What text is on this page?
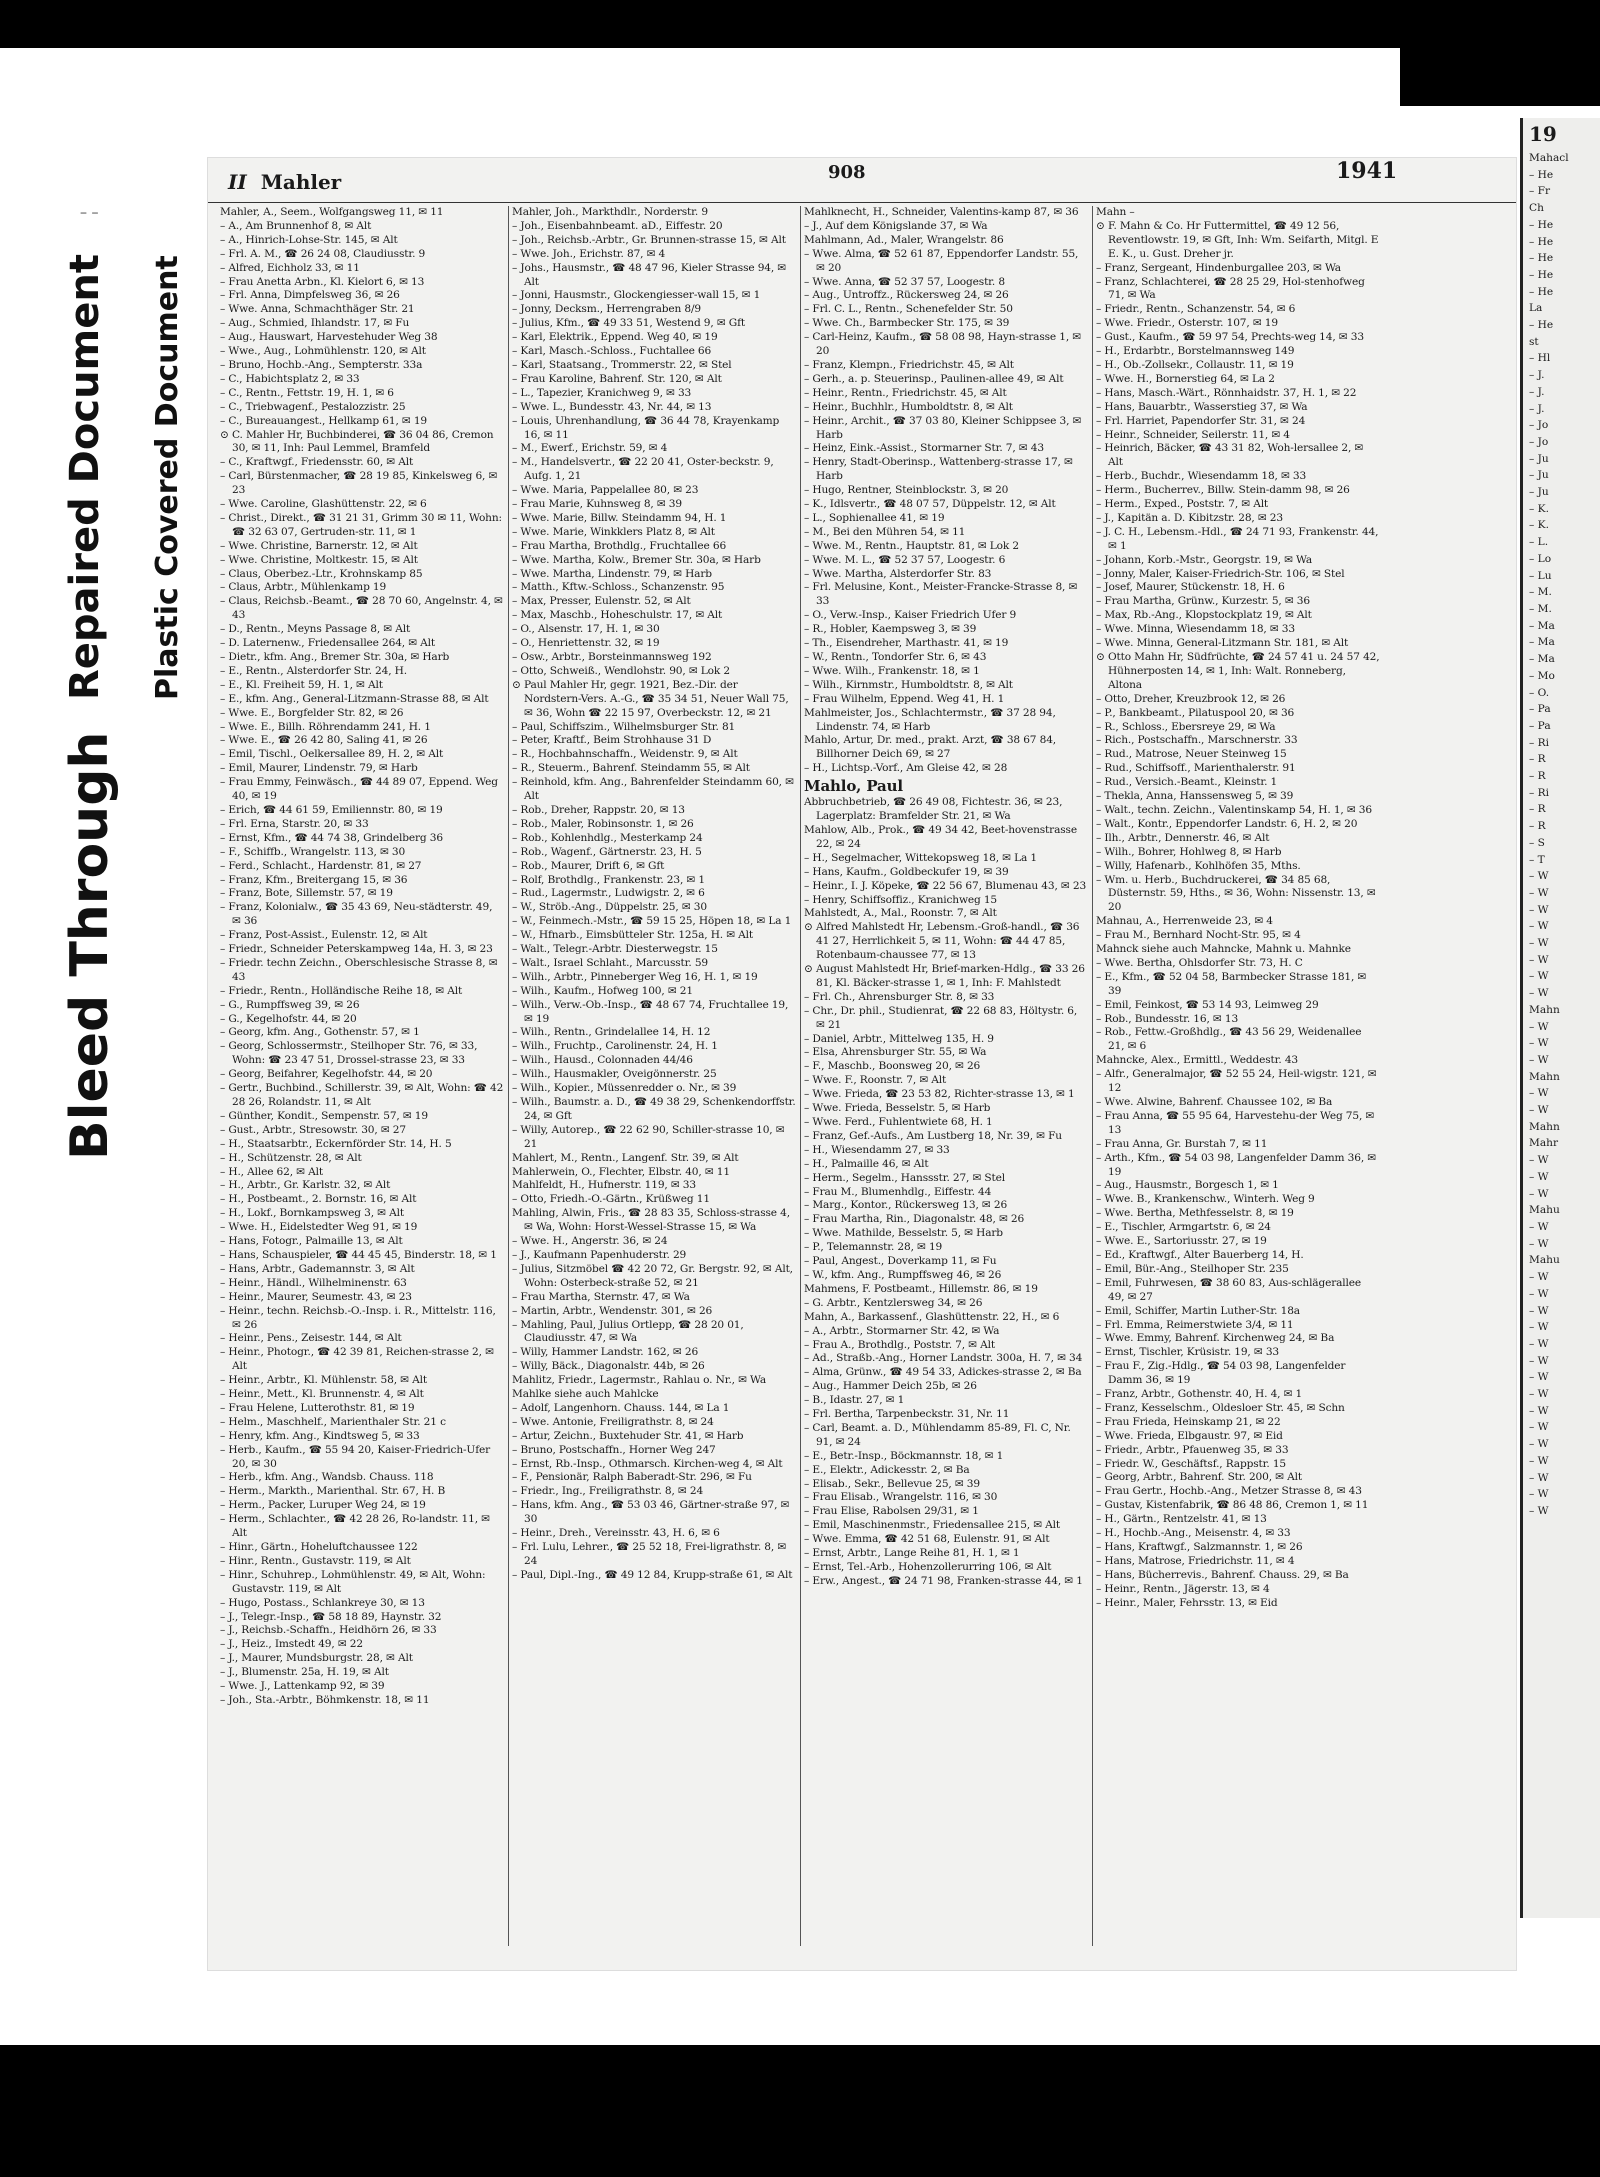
– –
Repaired Document Plastic Covered Document
Bleed Through
II Mahler	908	1941

Mahler, A., Seem., Wolfgangsweg 11, ✉ 11

– A., Am Brunnenhof 8, ✉ Alt

– A., Hinrich-Lohse-Str. 145, ✉ Alt

– Frl. A. M., ☎ 26 24 08, Claudiusstr. 9

– Alfred, Eichholz 33, ✉ 11

– Frau Anetta Arbn., Kl. Kielort 6, ✉ 13

– Frl. Anna, Dimpfelsweg 36, ✉ 26

– Wwe. Anna, Schmachthäger Str. 21

– Aug., Schmied, Ihlandstr. 17, ✉ Fu

– Aug., Hauswart, Harvestehuder Weg 38

– Wwe., Aug., Lohmühlenstr. 120, ✉ Alt

– Bruno, Hochb.-Ang., Sempterstr. 33a

– C., Habichtsplatz 2, ✉ 33

– C., Rentn., Fettstr. 19, H. 1, ✉ 6

– C., Triebwagenf., Pestalozzistr. 25

– C., Bureauangest., Hellkamp 61, ✉ 19

⊙ C. Mahler Hr, Buchbinderei, ☎ 36 04 86, Cremon 30, ✉ 11, Inh: Paul Lemmel, Bramfeld

– C., Kraftwgf., Friedensstr. 60, ✉ Alt

– Carl, Bürstenmacher, ☎ 28 19 85, Kinkelsweg 6, ✉ 23

– Wwe. Caroline, Glashüttenstr. 22, ✉ 6

– Christ., Direkt., ☎ 31 21 31, Grimm 30 ✉ 11, Wohn: ☎ 32 63 07, Gertruden-str. 11, ✉ 1

– Wwe. Christine, Barnerstr. 12, ✉ Alt

– Wwe. Christine, Moltkestr. 15, ✉ Alt

– Claus, Oberbez.-Ltr., Krohnskamp 85

– Claus, Arbtr., Mühlenkamp 19

– Claus, Reichsb.-Beamt., ☎ 28 70 60, Angelnstr. 4, ✉ 43

– D., Rentn., Meyns Passage 8, ✉ Alt

– D. Laternenw., Friedensallee 264, ✉ Alt

– Dietr., kfm. Ang., Bremer Str. 30a, ✉ Harb

– E., Rentn., Alsterdorfer Str. 24, H.

– E., Kl. Freiheit 59, H. 1, ✉ Alt

– E., kfm. Ang., General-Litzmann-Strasse 88, ✉ Alt

– Wwe. E., Borgfelder Str. 82, ✉ 26

– Wwe. E., Billh. Röhrendamm 241, H. 1

– Wwe. E., ☎ 26 42 80, Saling 41, ✉ 26

– Emil, Tischl., Oelkersallee 89, H. 2, ✉ Alt

– Emil, Maurer, Lindenstr. 79, ✉ Harb

– Frau Emmy, Feinwäsch., ☎ 44 89 07, Eppend. Weg 40, ✉ 19

– Erich, ☎ 44 61 59, Emiliennstr. 80, ✉ 19

– Frl. Erna, Starstr. 20, ✉ 33

– Ernst, Kfm., ☎ 44 74 38, Grindelberg 36

– F., Schiffb., Wrangelstr. 113, ✉ 30

– Ferd., Schlacht., Hardenstr. 81, ✉ 27

– Franz, Kfm., Breitergang 15, ✉ 36

– Franz, Bote, Sillemstr. 57, ✉ 19

– Franz, Kolonialw., ☎ 35 43 69, Neu-städterstr. 49, ✉ 36

– Franz, Post-Assist., Eulenstr. 12, ✉ Alt

– Friedr., Schneider Peterskampweg 14a, H. 3, ✉ 23

– Friedr. techn Zeichn., Oberschlesische Strasse 8, ✉ 43

– Friedr., Rentn., Holländische Reihe 18, ✉ Alt

– G., Rumpffsweg 39, ✉ 26

– G., Kegelhofstr. 44, ✉ 20

– Georg, kfm. Ang., Gothenstr. 57, ✉ 1

– Georg, Schlossermstr., Steilhoper Str. 76, ✉ 33, Wohn: ☎ 23 47 51, Drossel-strasse 23, ✉ 33

– Georg, Beifahrer, Kegelhofstr. 44, ✉ 20

– Gertr., Buchbind., Schillerstr. 39, ✉ Alt, Wohn: ☎ 42 28 26, Rolandstr. 11, ✉ Alt

– Günther, Kondit., Sempenstr. 57, ✉ 19

– Gust., Arbtr., Stresowstr. 30, ✉ 27

– H., Staatsarbtr., Eckernförder Str. 14, H. 5

– H., Schützenstr. 28, ✉ Alt

– H., Allee 62, ✉ Alt

– H., Arbtr., Gr. Karlstr. 32, ✉ Alt

– H., Postbeamt., 2. Bornstr. 16, ✉ Alt

– H., Lokf., Bornkampsweg 3, ✉ Alt

– Wwe. H., Eidelstedter Weg 91, ✉ 19

– Hans, Fotogr., Palmaille 13, ✉ Alt

– Hans, Schauspieler, ☎ 44 45 45, Binderstr. 18, ✉ 1

– Hans, Arbtr., Gademannstr. 3, ✉ Alt

– Heinr., Händl., Wilhelminenstr. 63

– Heinr., Maurer, Seumestr. 43, ✉ 23

– Heinr., techn. Reichsb.-O.-Insp. i. R., Mittelstr. 116, ✉ 26

– Heinr., Pens., Zeisestr. 144, ✉ Alt

– Heinr., Photogr., ☎ 42 39 81, Reichen-strasse 2, ✉ Alt

– Heinr., Arbtr., Kl. Mühlenstr. 58, ✉ Alt

– Heinr., Mett., Kl. Brunnenstr. 4, ✉ Alt

– Frau Helene, Lutterothstr. 81, ✉ 19

– Helm., Maschhelf., Marienthaler Str. 21 c

– Henry, kfm. Ang., Kindtsweg 5, ✉ 33

– Herb., Kaufm., ☎ 55 94 20, Kaiser-Friedrich-Ufer 20, ✉ 30

– Herb., kfm. Ang., Wandsb. Chauss. 118

– Herm., Markth., Marienthal. Str. 67, H. B

– Herm., Packer, Luruper Weg 24, ✉ 19

– Herm., Schlachter., ☎ 42 28 26, Ro-landstr. 11, ✉ Alt

– Hinr., Gärtn., Hoheluftchaussee 122

– Hinr., Rentn., Gustavstr. 119, ✉ Alt

– Hinr., Schuhrep., Lohmühlenstr. 49, ✉ Alt, Wohn: Gustavstr. 119, ✉ Alt

– Hugo, Postass., Schlankreye 30, ✉ 13

– J., Telegr.-Insp., ☎ 58 18 89, Haynstr. 32

– J., Reichsb.-Schaffn., Heidhörn 26, ✉ 33

– J., Heiz., Imstedt 49, ✉ 22

– J., Maurer, Mundsburgstr. 28, ✉ Alt

– J., Blumenstr. 25a, H. 19, ✉ Alt

– Wwe. J., Lattenkamp 92, ✉ 39

– Joh., Sta.-Arbtr., Böhmkenstr. 18, ✉ 11

Mahler, Joh., Markthdlr., Norderstr. 9

– Joh., Eisenbahnbeamt. aD., Eiffestr. 20

– Joh., Reichsb.-Arbtr., Gr. Brunnen-strasse 15, ✉ Alt

– Wwe. Joh., Erichstr. 87, ✉ 4

– Johs., Hausmstr., ☎ 48 47 96, Kieler Strasse 94, ✉ Alt

– Jonni, Hausmstr., Glockengiesser-wall 15, ✉ 1

– Jonny, Decksm., Herrengraben 8/9

– Julius, Kfm., ☎ 49 33 51, Westend 9, ✉ Gft

– Karl, Elektrik., Eppend. Weg 40, ✉ 19

– Karl, Masch.-Schloss., Fuchtallee 66

– Karl, Staatsang., Trommerstr. 22, ✉ Stel

– Frau Karoline, Bahrenf. Str. 120, ✉ Alt

– L., Tapezier, Kranichweg 9, ✉ 33

– Wwe. L., Bundesstr. 43, Nr. 44, ✉ 13

– Louis, Uhrenhandlung, ☎ 36 44 78, Krayenkamp 16, ✉ 11

– M., Ewerf., Erichstr. 59, ✉ 4

– M., Handelsvertr., ☎ 22 20 41, Oster-beckstr. 9, Aufg. 1, 21

– Wwe. Maria, Pappelallee 80, ✉ 23

– Frau Marie, Kuhnsweg 8, ✉ 39

– Wwe. Marie, Billw. Steindamm 94, H. 1

– Wwe. Marie, Winkklers Platz 8, ✉ Alt

– Frau Martha, Brothdlg., Fruchtallee 66

– Wwe. Martha, Kolw., Bremer Str. 30a, ✉ Harb

– Wwe. Martha, Lindenstr. 79, ✉ Harb

– Matth., Kftw.-Schloss., Schanzenstr. 95

– Max, Presser, Eulenstr. 52, ✉ Alt

– Max, Maschb., Hoheschulstr. 17, ✉ Alt

– O., Alsenstr. 17, H. 1, ✉ 30

– O., Henriettenstr. 32, ✉ 19

– Osw., Arbtr., Borsteinmannsweg 192

– Otto, Schweiß., Wendlohstr. 90, ✉ Lok 2

⊙ Paul Mahler Hr, gegr. 1921, Bez.-Dir. der Nordstern-Vers. A.-G., ☎ 35 34 51, Neuer Wall 75, ✉ 36, Wohn ☎ 22 15 97, Overbeckstr. 12, ✉ 21

– Paul, Schiffszim., Wilhelmsburger Str. 81

– Peter, Kraftf., Beim Strohhause 31 D

– R., Hochbahnschaffn., Weidenstr. 9, ✉ Alt

– R., Steuerm., Bahrenf. Steindamm 55, ✉ Alt

– Reinhold, kfm. Ang., Bahrenfelder Steindamm 60, ✉ Alt

– Rob., Dreher, Rappstr. 20, ✉ 13

– Rob., Maler, Robinsonstr. 1, ✉ 26

– Rob., Kohlenhdlg., Mesterkamp 24

– Rob., Wagenf., Gärtnerstr. 23, H. 5

– Rob., Maurer, Drift 6, ✉ Gft

– Rolf, Brothdlg., Frankenstr. 23, ✉ 1

– Rud., Lagermstr., Ludwigstr. 2, ✉ 6

– W., Ströb.-Ang., Düppelstr. 25, ✉ 30

– W., Feinmech.-Mstr., ☎ 59 15 25, Höpen 18, ✉ La 1

– W., Hfnarb., Eimsbütteler Str. 125a, H. ✉ Alt

– Walt., Telegr.-Arbtr. Diesterwegstr. 15

– Walt., Israel Schlaht., Marcusstr. 59

– Wilh., Arbtr., Pinneberger Weg 16, H. 1, ✉ 19

– Wilh., Kaufm., Hofweg 100, ✉ 21

– Wilh., Verw.-Ob.-Insp., ☎ 48 67 74, Fruchtallee 19, ✉ 19

– Wilh., Rentn., Grindelallee 14, H. 12

– Wilh., Fruchtp., Carolinenstr. 24, H. 1

– Wilh., Hausd., Colonnaden 44/46

– Wilh., Hausmakler, Oveigönnerstr. 25

– Wilh., Kopier., Müssenredder o. Nr., ✉ 39

– Wilh., Baumstr. a. D., ☎ 49 38 29, Schenkendorffstr. 24, ✉ Gft

– Willy, Autorep., ☎ 22 62 90, Schiller-strasse 10, ✉ 21

Mahlert, M., Rentn., Langenf. Str. 39, ✉ Alt

Mahlerwein, O., Flechter, Elbstr. 40, ✉ 11

Mahlfeldt, H., Hufnerstr. 119, ✉ 33

– Otto, Friedh.-O.-Gärtn., Krüßweg 11

Mahling, Alwin, Fris., ☎ 28 83 35, Schloss-strasse 4, ✉ Wa, Wohn: Horst-Wessel-Strasse 15, ✉ Wa

– Wwe. H., Angerstr. 36, ✉ 24

– J., Kaufmann Papenhuderstr. 29

– Julius, Sitzmöbel ☎ 42 20 72, Gr. Bergstr. 92, ✉ Alt, Wohn: Osterbeck-straße 52, ✉ 21

– Frau Martha, Sternstr. 47, ✉ Wa

– Martin, Arbtr., Wendenstr. 301, ✉ 26

– Mahling, Paul, Julius Ortlepp, ☎ 28 20 01, Claudiusstr. 47, ✉ Wa

– Willy, Hammer Landstr. 162, ✉ 26

– Willy, Bäck., Diagonalstr. 44b, ✉ 26

Mahlitz, Friedr., Lagermstr., Rahlau o. Nr., ✉ Wa

Mahlke siehe auch Mahlcke

– Adolf, Langenhorn. Chauss. 144, ✉ La 1

– Wwe. Antonie, Freiligrathstr. 8, ✉ 24

– Artur, Zeichn., Buxtehuder Str. 41, ✉ Harb

– Bruno, Postschaffn., Horner Weg 247

– Ernst, Rb.-Insp., Othmarsch. Kirchen-weg 4, ✉ Alt

– F., Pensionär, Ralph Baberadt-Str. 296, ✉ Fu

– Friedr., Ing., Freiligrathstr. 8, ✉ 24

– Hans, kfm. Ang., ☎ 53 03 46, Gärtner-straße 97, ✉ 30

– Heinr., Dreh., Vereinsstr. 43, H. 6, ✉ 6

– Frl. Lulu, Lehrer., ☎ 25 52 18, Frei-ligrathstr. 8, ✉ 24

– Paul, Dipl.-Ing., ☎ 49 12 84, Krupp-straße 61, ✉ Alt

Mahlknecht, H., Schneider, Valentins-kamp 87, ✉ 36

– J., Auf dem Königslande 37, ✉ Wa

Mahlmann, Ad., Maler, Wrangelstr. 86

– Wwe. Alma, ☎ 52 61 87, Eppendorfer Landstr. 55, ✉ 20

– Wwe. Anna, ☎ 52 37 57, Loogestr. 8

– Aug., Untroffz., Rückersweg 24, ✉ 26

– Frl. C. L., Rentn., Schenefelder Str. 50

– Wwe. Ch., Barmbecker Str. 175, ✉ 39

– Carl-Heinz, Kaufm., ☎ 58 08 98, Hayn-strasse 1, ✉ 20

– Franz, Klempn., Friedrichstr. 45, ✉ Alt

– Gerh., a. p. Steuerinsp., Paulinen-allee 49, ✉ Alt

– Heinr., Rentn., Friedrichstr. 45, ✉ Alt

– Heinr., Buchhlr., Humboldtstr. 8, ✉ Alt

– Heinr., Archit., ☎ 37 03 80, Kleiner Schippsee 3, ✉ Harb

– Heinz, Eink.-Assist., Stormarner Str. 7, ✉ 43

– Henry, Stadt-Oberinsp., Wattenberg-strasse 17, ✉ Harb

– Hugo, Rentner, Steinblockstr. 3, ✉ 20

– K., Idlsvertr., ☎ 48 07 57, Düppelstr. 12, ✉ Alt

– L., Sophienallee 41, ✉ 19

– M., Bei den Mühren 54, ✉ 11

– Wwe. M., Rentn., Hauptstr. 81, ✉ Lok 2

– Wwe. M. L., ☎ 52 37 57, Loogestr. 6

– Wwe. Martha, Alsterdorfer Str. 83

– Frl. Melusine, Kont., Meister-Francke-Strasse 8, ✉ 33

– O., Verw.-Insp., Kaiser Friedrich Ufer 9

– R., Hobler, Kaempsweg 3, ✉ 39

– Th., Eisendreher, Marthastr. 41, ✉ 19

– W., Rentn., Tondorfer Str. 6, ✉ 43

– Wwe. Wilh., Frankenstr. 18, ✉ 1

– Wilh., Kirnmstr., Humboldtstr. 8, ✉ Alt

– Frau Wilhelm, Eppend. Weg 41, H. 1

Mahlmeister, Jos., Schlachtermstr., ☎ 37 28 94, Lindenstr. 74, ✉ Harb

Mahlo, Artur, Dr. med., prakt. Arzt, ☎ 38 67 84, Billhorner Deich 69, ✉ 27

– H., Lichtsp.-Vorf., Am Gleise 42, ✉ 28

Mahlo, Paul

Abbruchbetrieb, ☎ 26 49 08, Fichtestr. 36, ✉ 23, Lagerplatz: Bramfelder Str. 21, ✉ Wa

Mahlow, Alb., Prok., ☎ 49 34 42, Beet-hovenstrasse 22, ✉ 24

– H., Segelmacher, Wittekopsweg 18, ✉ La 1

– Hans, Kaufm., Goldbeckufer 19, ✉ 39

– Heinr., I. J. Köpeke, ☎ 22 56 67, Blumenau 43, ✉ 23

– Henry, Schiffsoffiz., Kranichweg 15

Mahlstedt, A., Mal., Roonstr. 7, ✉ Alt

⊙ Alfred Mahlstedt Hr, Lebensm.-Groß-handl., ☎ 36 41 27, Herrlichkeit 5, ✉ 11, Wohn: ☎ 44 47 85, Rotenbaum-chaussee 77, ✉ 13

⊙ August Mahlstedt Hr, Brief-marken-Hdlg., ☎ 33 26 81, Kl. Bäcker-strasse 1, ✉ 1, Inh: F. Mahlstedt

– Frl. Ch., Ahrensburger Str. 8, ✉ 33

– Chr., Dr. phil., Studienrat, ☎ 22 68 83, Höltystr. 6, ✉ 21

– Daniel, Arbtr., Mittelweg 135, H. 9

– Elsa, Ahrensburger Str. 55, ✉ Wa

– F., Maschb., Boonsweg 20, ✉ 26

– Wwe. F., Roonstr. 7, ✉ Alt

– Wwe. Frieda, ☎ 23 53 82, Richter-strasse 13, ✉ 1

– Wwe. Frieda, Besselstr. 5, ✉ Harb

– Wwe. Ferd., Fuhlentwiete 68, H. 1

– Franz, Gef.-Aufs., Am Lustberg 18, Nr. 39, ✉ Fu

– H., Wiesendamm 27, ✉ 33

– H., Palmaille 46, ✉ Alt

– Herm., Segelm., Hanssstr. 27, ✉ Stel

– Frau M., Blumenhdlg., Eiffestr. 44

– Marg., Kontor., Rückersweg 13, ✉ 26

– Frau Martha, Rin., Diagonalstr. 48, ✉ 26

– Wwe. Mathilde, Besselstr. 5, ✉ Harb

– P., Telemannstr. 28, ✉ 19

– Paul, Angest., Doverkamp 11, ✉ Fu

– W., kfm. Ang., Rumpffsweg 46, ✉ 26

Mahmens, F. Postbeamt., Hillemstr. 86, ✉ 19

– G. Arbtr., Kentzlersweg 34, ✉ 26

Mahn, A., Barkassenf., Glashüttenstr. 22, H., ✉ 6

– A., Arbtr., Stormarner Str. 42, ✉ Wa

– Frau A., Brothdlg., Poststr. 7, ✉ Alt

– Ad., Straßb.-Ang., Horner Landstr. 300a, H. 7, ✉ 34

– Alma, Grünw., ☎ 49 54 33, Adickes-strasse 2, ✉ Ba

– Aug., Hammer Deich 25b, ✉ 26

– B., Idastr. 27, ✉ 1

– Frl. Bertha, Tarpenbeckstr. 31, Nr. 11

– Carl, Beamt. a. D., Mühlendamm 85-89, Fl. C, Nr. 91, ✉ 24

– E., Betr.-Insp., Böckmannstr. 18, ✉ 1

– E., Elektr., Adickesstr. 2, ✉ Ba

– Elisab., Sekr., Bellevue 25, ✉ 39

– Frau Elisab., Wrangelstr. 116, ✉ 30

– Frau Elise, Rabolsen 29/31, ✉ 1

– Emil, Maschinenmstr., Friedensallee 215, ✉ Alt

– Wwe. Emma, ☎ 42 51 68, Eulenstr. 91, ✉ Alt

– Ernst, Arbtr., Lange Reihe 81, H. 1, ✉ 1

– Ernst, Tel.-Arb., Hohenzollerurring 106, ✉ Alt

– Erw., Angest., ☎ 24 71 98, Franken-strasse 44, ✉ 1

Mahn –

⊙ F. Mahn & Co. Hr Futtermittel, ☎ 49 12 56, Reventlowstr. 19, ✉ Gft, Inh: Wm. Seifarth, Mitgl. E E. K., u. Gust. Dreher jr.

– Franz, Sergeant, Hindenburgallee 203, ✉ Wa

– Franz, Schlachterei, ☎ 28 25 29, Hol-stenhofweg 71, ✉ Wa

– Friedr., Rentn., Schanzenstr. 54, ✉ 6

– Wwe. Friedr., Osterstr. 107, ✉ 19

– Gust., Kaufm., ☎ 59 97 54, Prechts-weg 14, ✉ 33

– H., Erdarbtr., Borstelmannsweg 149

– H., Ob.-Zollsekr., Collaustr. 11, ✉ 19

– Wwe. H., Bornerstieg 64, ✉ La 2

– Hans, Masch.-Wärt., Rönnhaidstr. 37, H. 1, ✉ 22

– Hans, Bauarbtr., Wasserstieg 37, ✉ Wa

– Frl. Harriet, Papendorfer Str. 31, ✉ 24

– Heinr., Schneider, Seilerstr. 11, ✉ 4

– Heinrich, Bäcker, ☎ 43 31 82, Woh-lersallee 2, ✉ Alt

– Herb., Buchdr., Wiesendamm 18, ✉ 33

– Herm., Bucherrev., Billw. Stein-damm 98, ✉ 26

– Herm., Exped., Poststr. 7, ✉ Alt

– J., Kapitän a. D. Kibitzstr. 28, ✉ 23

– J. C. H., Lebensm.-Hdl., ☎ 24 71 93, Frankenstr. 44, ✉ 1

– Johann, Korb.-Mstr., Georgstr. 19, ✉ Wa

– Jonny, Maler, Kaiser-Friedrich-Str. 106, ✉ Stel

– Josef, Maurer, Stückenstr. 18, H. 6

– Frau Martha, Grünw., Kurzestr. 5, ✉ 36

– Max, Rb.-Ang., Klopstockplatz 19, ✉ Alt

– Wwe. Minna, Wiesendamm 18, ✉ 33

– Wwe. Minna, General-Litzmann Str. 181, ✉ Alt

⊙ Otto Mahn Hr, Südfrüchte, ☎ 24 57 41 u. 24 57 42, Hühnerposten 14, ✉ 1, Inh: Walt. Ronneberg, Altona

– Otto, Dreher, Kreuzbrook 12, ✉ 26

– P., Bankbeamt., Pilatuspool 20, ✉ 36

– R., Schloss., Ebersreye 29, ✉ Wa

– Rich., Postschaffn., Marschnerstr. 33

– Rud., Matrose, Neuer Steinweg 15

– Rud., Schiffsoff., Marienthalerstr. 91

– Rud., Versich.-Beamt., Kleinstr. 1

– Thekla, Anna, Hanssensweg 5, ✉ 39

– Walt., techn. Zeichn., Valentinskamp 54, H. 1, ✉ 36

– Walt., Kontr., Eppendorfer Landstr. 6, H. 2, ✉ 20

– Ilh., Arbtr., Dennerstr. 46, ✉ Alt

– Wilh., Bohrer, Hohlweg 8, ✉ Harb

– Willy, Hafenarb., Kohlhöfen 35, Mths.

– Wm. u. Herb., Buchdruckerei, ☎ 34 85 68, Düsternstr. 59, Hths., ✉ 36, Wohn: Nissenstr. 13, ✉ 20

Mahnau, A., Herrenweide 23, ✉ 4

– Frau M., Bernhard Nocht-Str. 95, ✉ 4

Mahnck siehe auch Mahncke, Mahnk u. Mahnke

– Wwe. Bertha, Ohlsdorfer Str. 73, H. C

– E., Kfm., ☎ 52 04 58, Barmbecker Strasse 181, ✉ 39

– Emil, Feinkost, ☎ 53 14 93, Leimweg 29

– Rob., Bundesstr. 16, ✉ 13

– Rob., Fettw.-Großhdlg., ☎ 43 56 29, Weidenallee 21, ✉ 6

Mahncke, Alex., Ermittl., Weddestr. 43

– Alfr., Generalmajor, ☎ 52 55 24, Heil-wigstr. 121, ✉ 12

– Wwe. Alwine, Bahrenf. Chaussee 102, ✉ Ba

– Frau Anna, ☎ 55 95 64, Harvestehu-der Weg 75, ✉ 13

– Frau Anna, Gr. Burstah 7, ✉ 11

– Arth., Kfm., ☎ 54 03 98, Langenfelder Damm 36, ✉ 19

– Aug., Hausmstr., Borgesch 1, ✉ 1

– Wwe. B., Krankenschw., Winterh. Weg 9

– Wwe. Bertha, Methfesselstr. 8, ✉ 19

– E., Tischler, Armgartstr. 6, ✉ 24

– Wwe. E., Sartoriusstr. 27, ✉ 19

– Ed., Kraftwgf., Alter Bauerberg 14, H.

– Emil, Bür.-Ang., Steilhoper Str. 235

– Emil, Fuhrwesen, ☎ 38 60 83, Aus-schlägerallee 49, ✉ 27

– Emil, Schiffer, Martin Luther-Str. 18a

– Frl. Emma, Reimerstwiete 3/4, ✉ 11

– Wwe. Emmy, Bahrenf. Kirchenweg 24, ✉ Ba

– Ernst, Tischler, Krüsistr. 19, ✉ 33

– Frau F., Zig.-Hdlg., ☎ 54 03 98, Langenfelder Damm 36, ✉ 19

– Franz, Arbtr., Gothenstr. 40, H. 4, ✉ 1

– Franz, Kesselschm., Oldesloer Str. 45, ✉ Schn

– Frau Frieda, Heinskamp 21, ✉ 22

– Wwe. Frieda, Elbgaustr. 97, ✉ Eid

– Friedr., Arbtr., Pfauenweg 35, ✉ 33

– Friedr. W., Geschäftsf., Rappstr. 15

– Georg, Arbtr., Bahrenf. Str. 200, ✉ Alt

– Frau Gertr., Hochb.-Ang., Metzer Strasse 8, ✉ 43

– Gustav, Kistenfabrik, ☎ 86 48 86, Cremon 1, ✉ 11

– H., Gärtn., Rentzelstr. 41, ✉ 13

– H., Hochb.-Ang., Meisenstr. 4, ✉ 33

– Hans, Kraftwgf., Salzmannstr. 1, ✉ 26

– Hans, Matrose, Friedrichstr. 11, ✉ 4

– Hans, Bücherrevis., Bahrenf. Chauss. 29, ✉ Ba

– Heinr., Rentn., Jägerstr. 13, ✉ 4

– Heinr., Maler, Fehrsstr. 13, ✉ Eid

19
Mahacl
– He
– Fr
Ch
– He
– He
– He
– He
– He
La
– He
st
– Hl
– J.
– J.
– J.
– Jo
– Jo
– Ju
– Ju
– Ju
– K.
– K.
– L.
– Lo
– Lu
– M.
– M.
– Ma
– Ma
– Ma
– Mo
– O.
– Pa
– Pa
– Ri
– R
– R
– Ri
– R
– R
– S
– T
– W
– W
– W
– W
– W
– W
– W
– W
Mahn
– W
– W
– W
Mahn
– W
– W
Mahn
Mahr
– W
– W
– W
Mahu
– W
– W
Mahu
– W
– W
– W
– W
– W
– W
– W
– W
– W
– W
– W
– W
– W
– W
– W
